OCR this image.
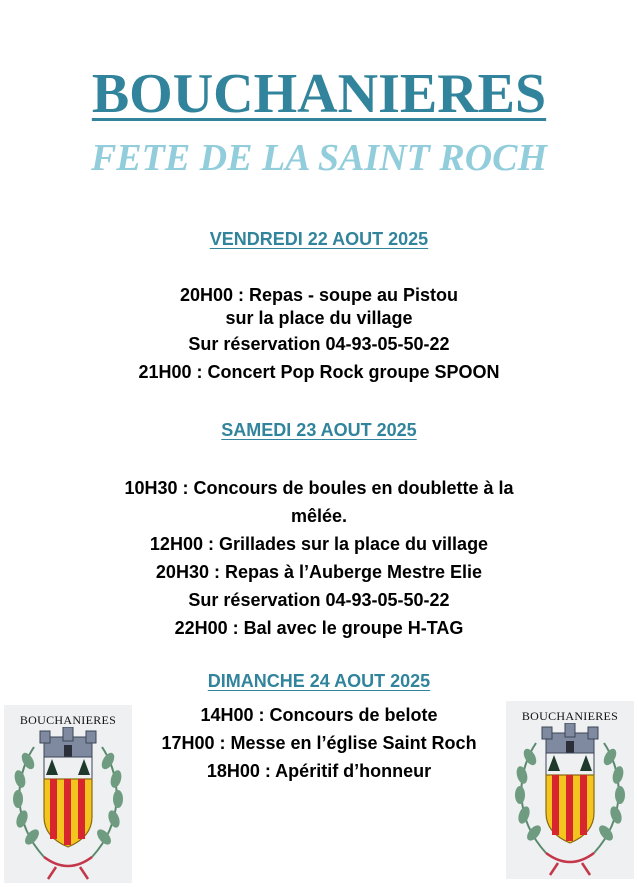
BOUCHANIERES
FETE DE LA SAINT ROCH
VENDREDI 22 AOUT 2025
20H00 : Repas - soupe au Pistou
sur la place du village
Sur réservation 04-93-05-50-22
21H00 : Concert Pop Rock groupe SPOON
SAMEDI 23 AOUT 2025
10H30 : Concours de boules en doublette à la
mêlée.
12H00 : Grillades sur la place du village
20H30 : Repas à l’Auberge Mestre Elie
Sur réservation 04-93-05-50-22
22H00 : Bal avec le groupe H-TAG
DIMANCHE 24 AOUT 2025
14H00 : Concours de belote
17H00 : Messe en l’église Saint Roch
18H00 : Apéritif d’honneur
BOUCHANIERES	BOUCHANIERES
